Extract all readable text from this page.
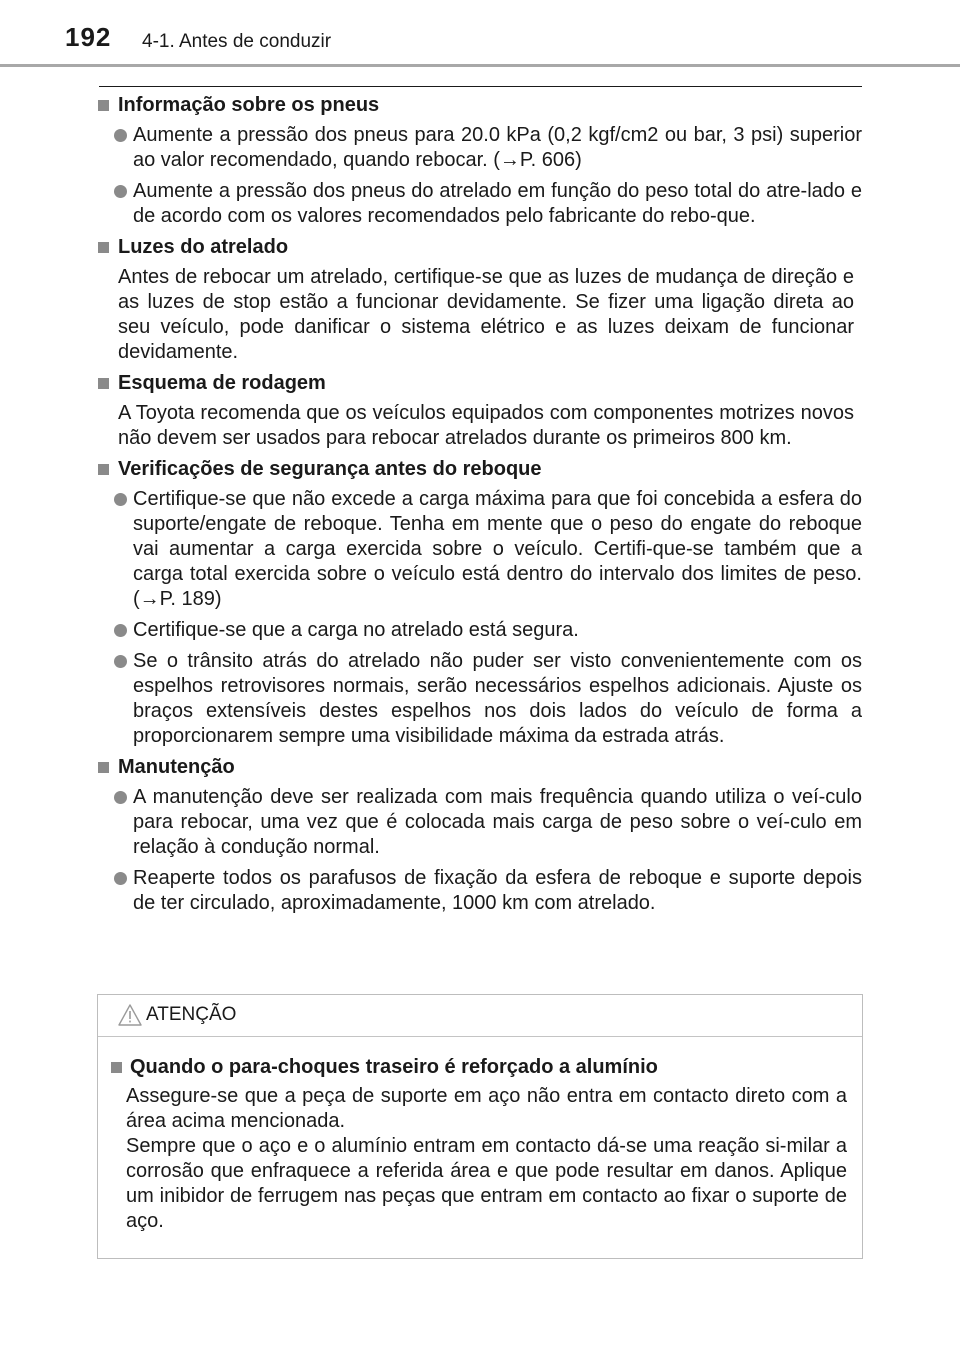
192 4-1. Antes de conduzir
Informação sobre os pneus
Aumente a pressão dos pneus para 20.0 kPa (0,2 kgf/cm2 ou bar, 3 psi) superior ao valor recomendado, quando rebocar. (→P. 606)
Aumente a pressão dos pneus do atrelado em função do peso total do atre-lado e de acordo com os valores recomendados pelo fabricante do rebo-que.
Luzes do atrelado
Antes de rebocar um atrelado, certifique-se que as luzes de mudança de direção e as luzes de stop estão a funcionar devidamente. Se fizer uma ligação direta ao seu veículo, pode danificar o sistema elétrico e as luzes deixam de funcionar devidamente.
Esquema de rodagem
A Toyota recomenda que os veículos equipados com componentes motrizes novos não devem ser usados para rebocar atrelados durante os primeiros 800 km.
Verificações de segurança antes do reboque
Certifique-se que não excede a carga máxima para que foi concebida a esfera do suporte/engate de reboque. Tenha em mente que o peso do engate do reboque vai aumentar a carga exercida sobre o veículo. Certifi-que-se também que a carga total exercida sobre o veículo está dentro do intervalo dos limites de peso. (→P. 189)
Certifique-se que a carga no atrelado está segura.
Se o trânsito atrás do atrelado não puder ser visto convenientemente com os espelhos retrovisores normais, serão necessários espelhos adicionais. Ajuste os braços extensíveis destes espelhos nos dois lados do veículo de forma a proporcionarem sempre uma visibilidade máxima da estrada atrás.
Manutenção
A manutenção deve ser realizada com mais frequência quando utiliza o veí-culo para rebocar, uma vez que é colocada mais carga de peso sobre o veí-culo em relação à condução normal.
Reaperte todos os parafusos de fixação da esfera de reboque e suporte depois de ter circulado, aproximadamente, 1000 km com atrelado.
ATENÇÃO
Quando o para-choques traseiro é reforçado a alumínio
Assegure-se que a peça de suporte em aço não entra em contacto direto com a área acima mencionada.
Sempre que o aço e o alumínio entram em contacto dá-se uma reação si-milar a corrosão que enfraquece a referida área e que pode resultar em danos. Aplique um inibidor de ferrugem nas peças que entram em contacto ao fixar o suporte de aço.
